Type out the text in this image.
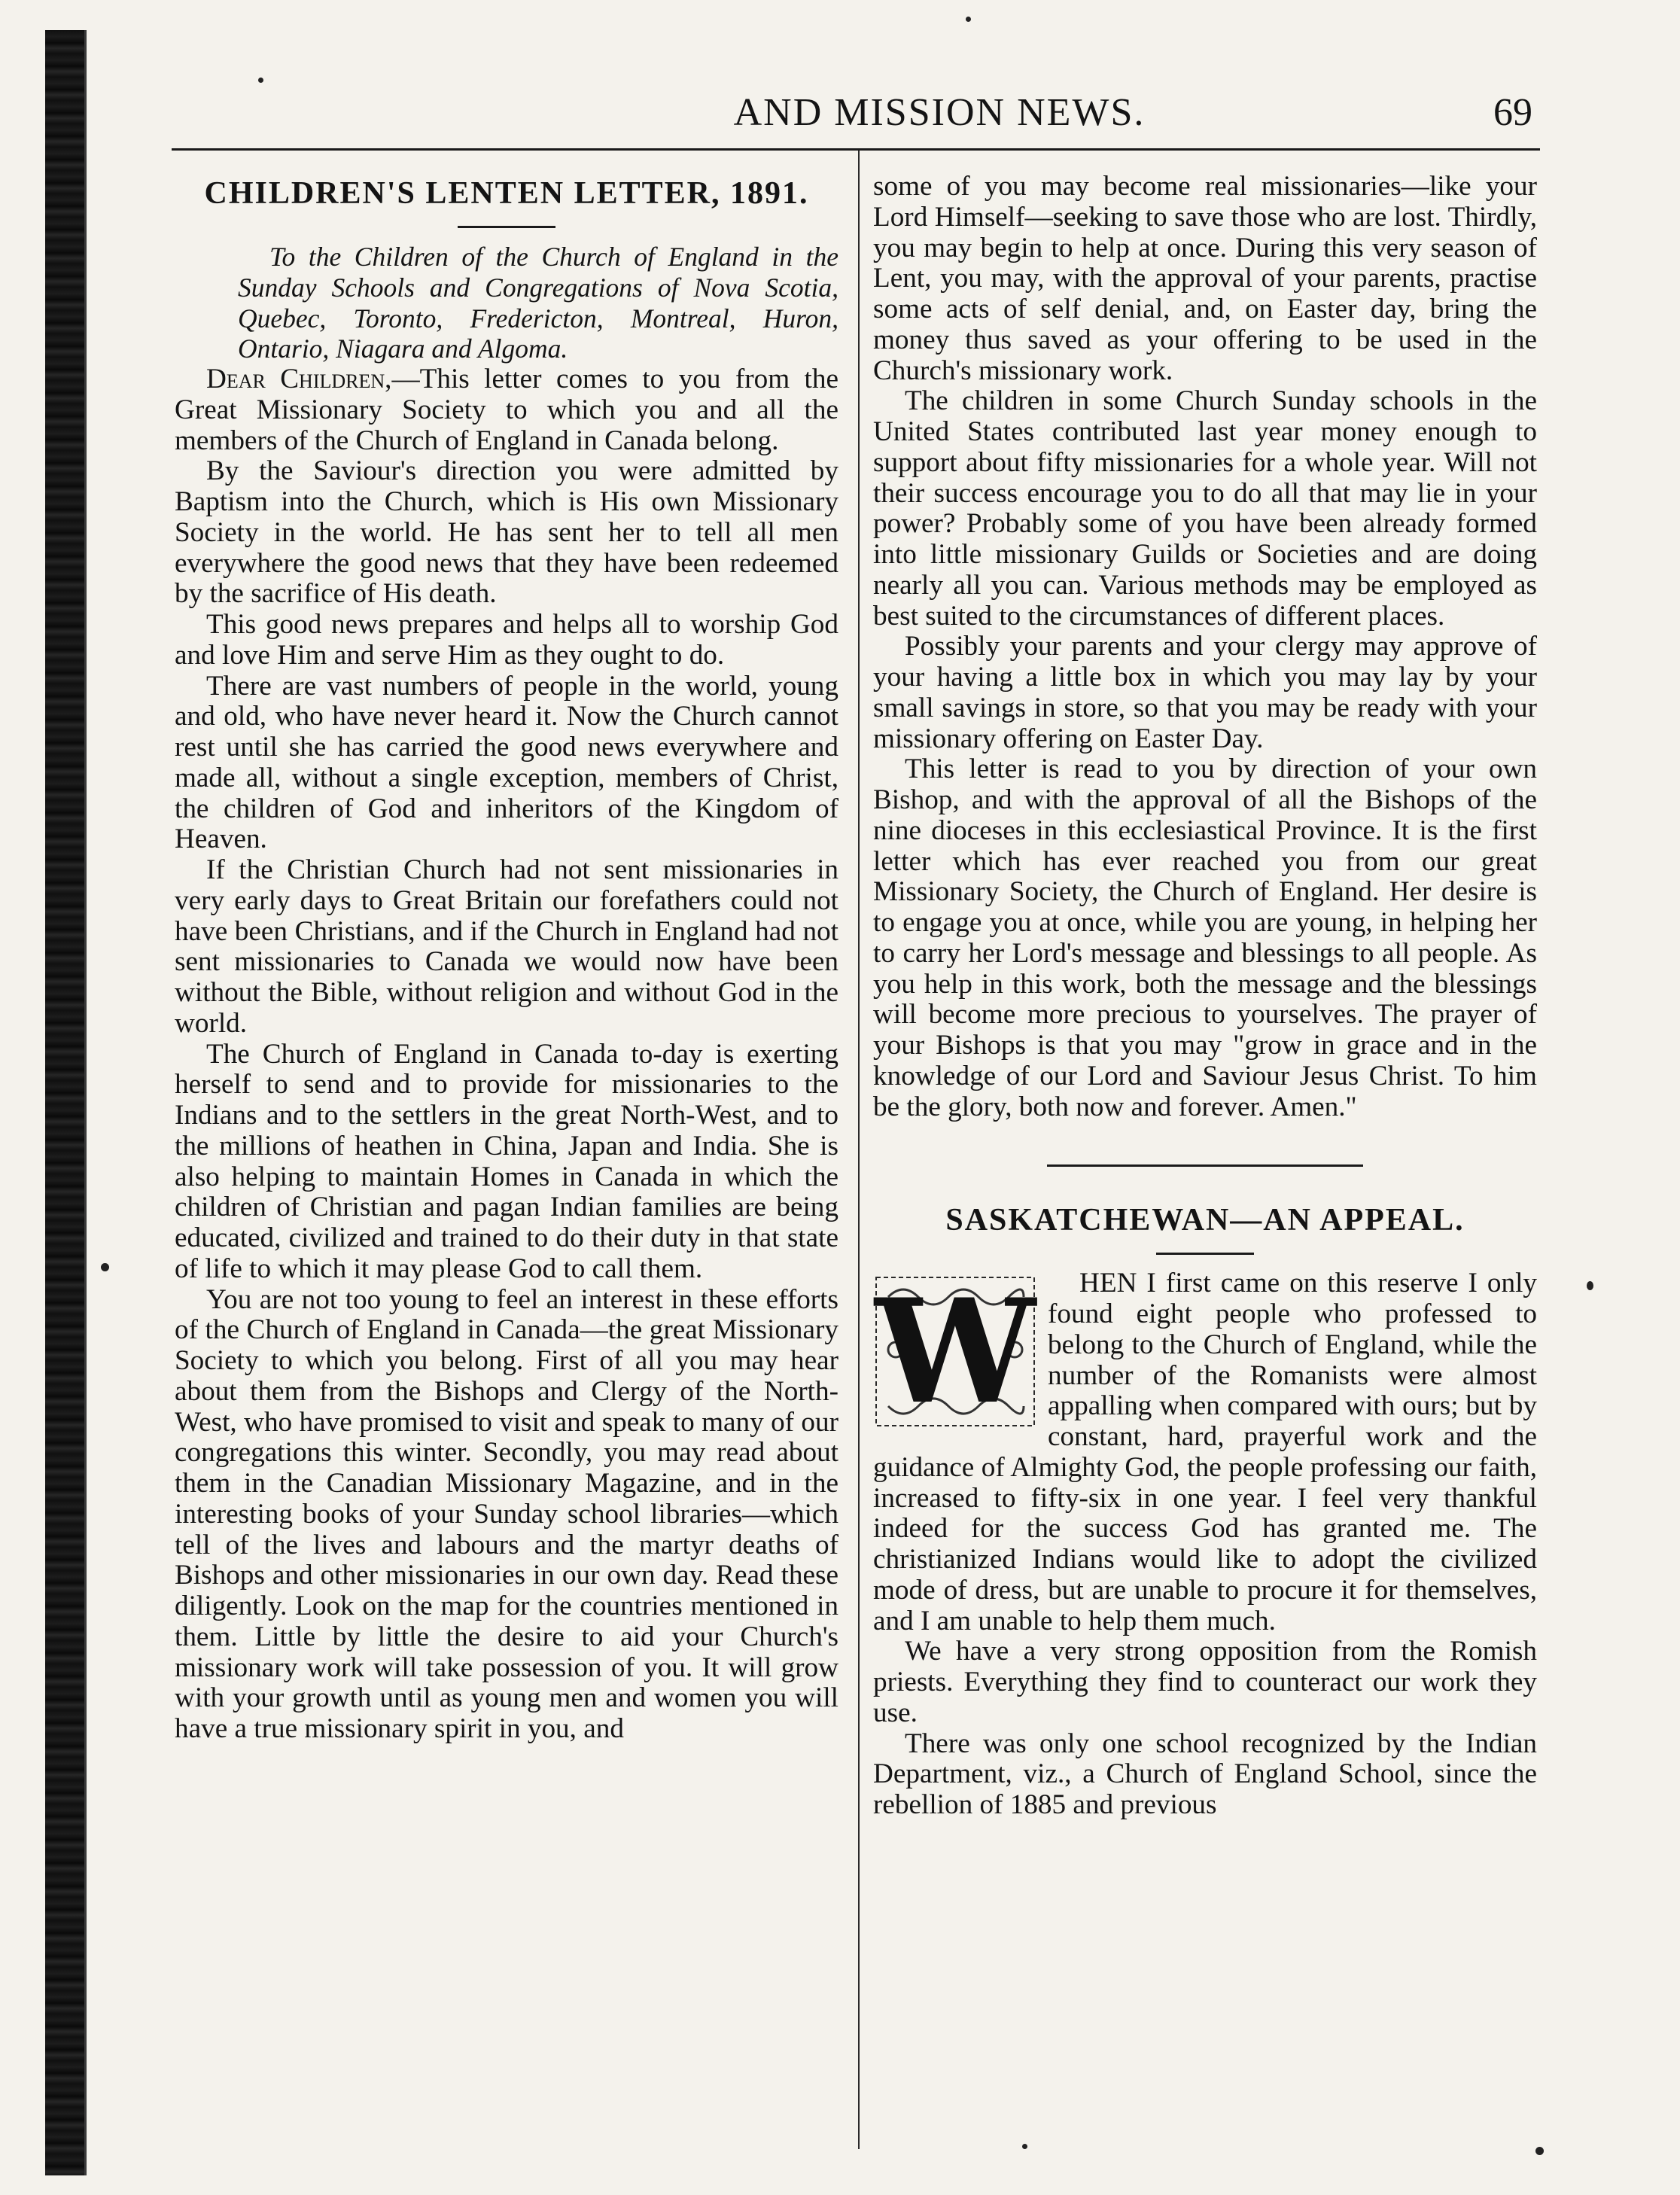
AND MISSION NEWS.	69
CHILDREN'S LENTEN LETTER, 1891.

To the Children of the Church of England in the Sunday Schools and Congregations of Nova Scotia, Quebec, Toronto, Fredericton, Montreal, Huron, Ontario, Niagara and Algoma.

Dear Children,—This letter comes to you from the Great Missionary Society to which you and all the members of the Church of England in Canada belong.

By the Saviour's direction you were admitted by Baptism into the Church, which is His own Missionary Society in the world. He has sent her to tell all men everywhere the good news that they have been redeemed by the sacrifice of His death.

This good news prepares and helps all to worship God and love Him and serve Him as they ought to do.

There are vast numbers of people in the world, young and old, who have never heard it. Now the Church cannot rest until she has carried the good news everywhere and made all, without a single exception, members of Christ, the children of God and inheritors of the Kingdom of Heaven.

If the Christian Church had not sent missionaries in very early days to Great Britain our forefathers could not have been Christians, and if the Church in England had not sent missionaries to Canada we would now have been without the Bible, without religion and without God in the world.

The Church of England in Canada to-day is exerting herself to send and to provide for missionaries to the Indians and to the settlers in the great North-West, and to the millions of heathen in China, Japan and India. She is also helping to maintain Homes in Canada in which the children of Christian and pagan Indian families are being educated, civilized and trained to do their duty in that state of life to which it may please God to call them.

You are not too young to feel an interest in these efforts of the Church of England in Canada—the great Missionary Society to which you belong. First of all you may hear about them from the Bishops and Clergy of the North-West, who have promised to visit and speak to many of our congregations this winter. Secondly, you may read about them in the Canadian Missionary Magazine, and in the interesting books of your Sunday school libraries—which tell of the lives and labours and the martyr deaths of Bishops and other missionaries in our own day. Read these diligently. Look on the map for the countries mentioned in them. Little by little the desire to aid your Church's missionary work will take possession of you. It will grow with your growth until as young men and women you will have a true missionary spirit in you, and

some of you may become real missionaries—like your Lord Himself—seeking to save those who are lost. Thirdly, you may begin to help at once. During this very season of Lent, you may, with the approval of your parents, practise some acts of self denial, and, on Easter day, bring the money thus saved as your offering to be used in the Church's missionary work.

The children in some Church Sunday schools in the United States contributed last year money enough to support about fifty missionaries for a whole year. Will not their success encourage you to do all that may lie in your power? Probably some of you have been already formed into little missionary Guilds or Societies and are doing nearly all you can. Various methods may be employed as best suited to the circumstances of different places.

Possibly your parents and your clergy may approve of your having a little box in which you may lay by your small savings in store, so that you may be ready with your missionary offering on Easter Day.

This letter is read to you by direction of your own Bishop, and with the approval of all the Bishops of the nine dioceses in this ecclesiastical Province. It is the first letter which has ever reached you from our great Missionary Society, the Church of England. Her desire is to engage you at once, while you are young, in helping her to carry her Lord's message and blessings to all people. As you help in this work, both the message and the blessings will become more precious to yourselves. The prayer of your Bishops is that you may "grow in grace and in the knowledge of our Lord and Saviour Jesus Christ. To him be the glory, both now and forever. Amen."

SASKATCHEWAN—AN APPEAL.
W	HEN I first came on this reserve I only found eight people who professed to belong to the Church of England, while the number of the Romanists were almost appalling when compared with ours; but by constant, hard, prayerful work and the guidance of Almighty God, the people professing our faith, increased to fifty-six in one year. I feel very thankful indeed for the success God has granted me. The christianized Indians would like to adopt the civilized mode of dress, but are unable to procure it for themselves, and I am unable to help them much.

We have a very strong opposition from the Romish priests. Everything they find to counteract our work they use.

There was only one school recognized by the Indian Department, viz., a Church of England School, since the rebellion of 1885 and previous
